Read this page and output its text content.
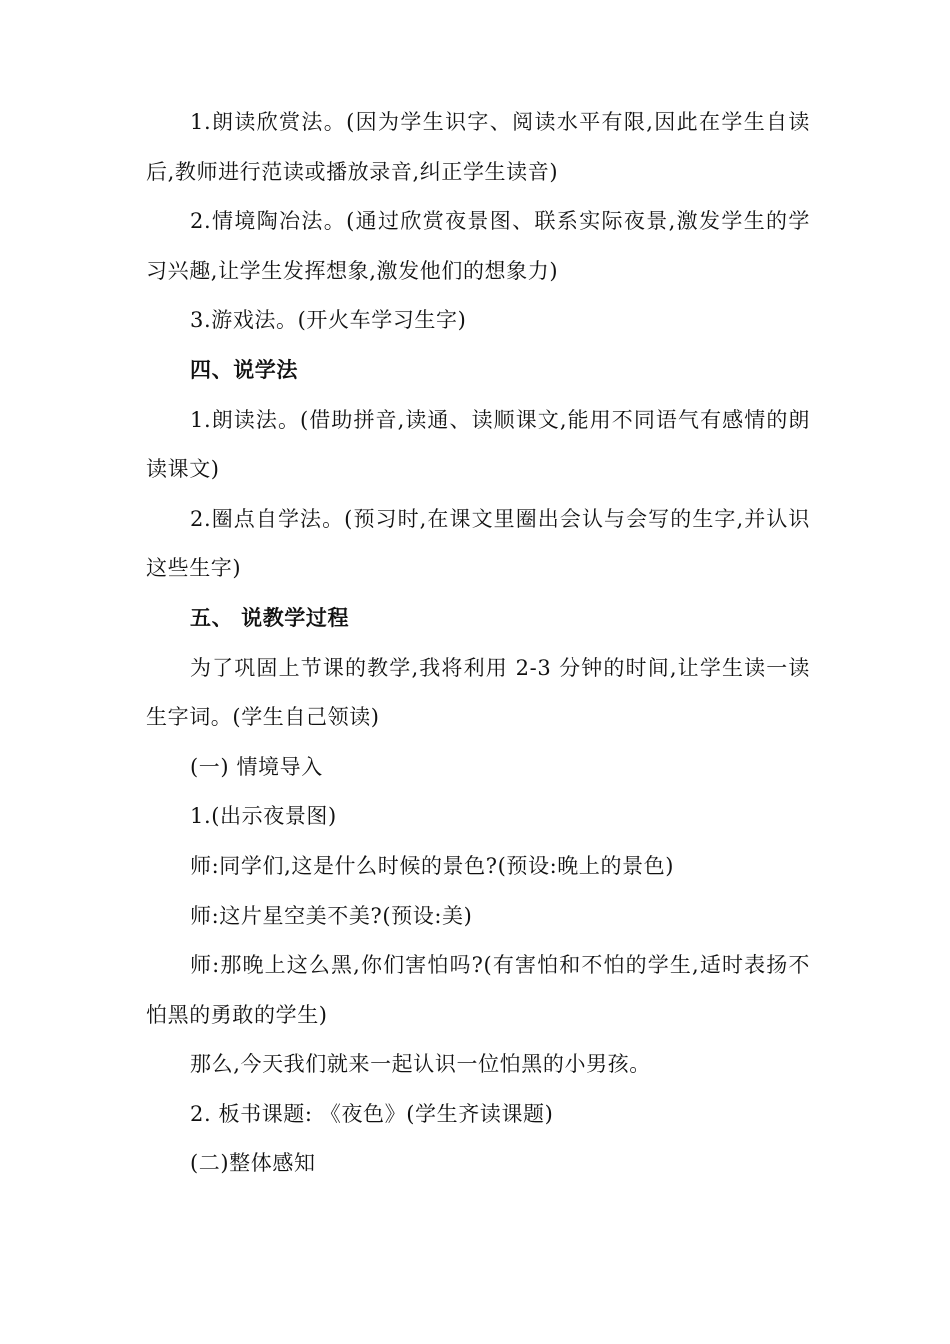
1.朗读欣赏法。(因为学生识字、阅读水平有限,因此在学生自读后,教师进行范读或播放录音,纠正学生读音)

2.情境陶冶法。(通过欣赏夜景图、联系实际夜景,激发学生的学习兴趣,让学生发挥想象,激发他们的想象力)

3.游戏法。(开火车学习生字)

四、说学法

1.朗读法。(借助拼音,读通、读顺课文,能用不同语气有感情的朗读课文)

2.圈点自学法。(预习时,在课文里圈出会认与会写的生字,并认识这些生字)

五、 说教学过程

为了巩固上节课的教学,我将利用 2-3 分钟的时间,让学生读一读生字词。(学生自己领读)

(一) 情境导入

1.(出示夜景图)

师:同学们,这是什么时候的景色?(预设:晚上的景色)

师:这片星空美不美?(预设:美)

师:那晚上这么黑,你们害怕吗?(有害怕和不怕的学生,适时表扬不怕黑的勇敢的学生)

那么,今天我们就来一起认识一位怕黑的小男孩。

2. 板书课题: 《夜色》(学生齐读课题)

(二)整体感知
